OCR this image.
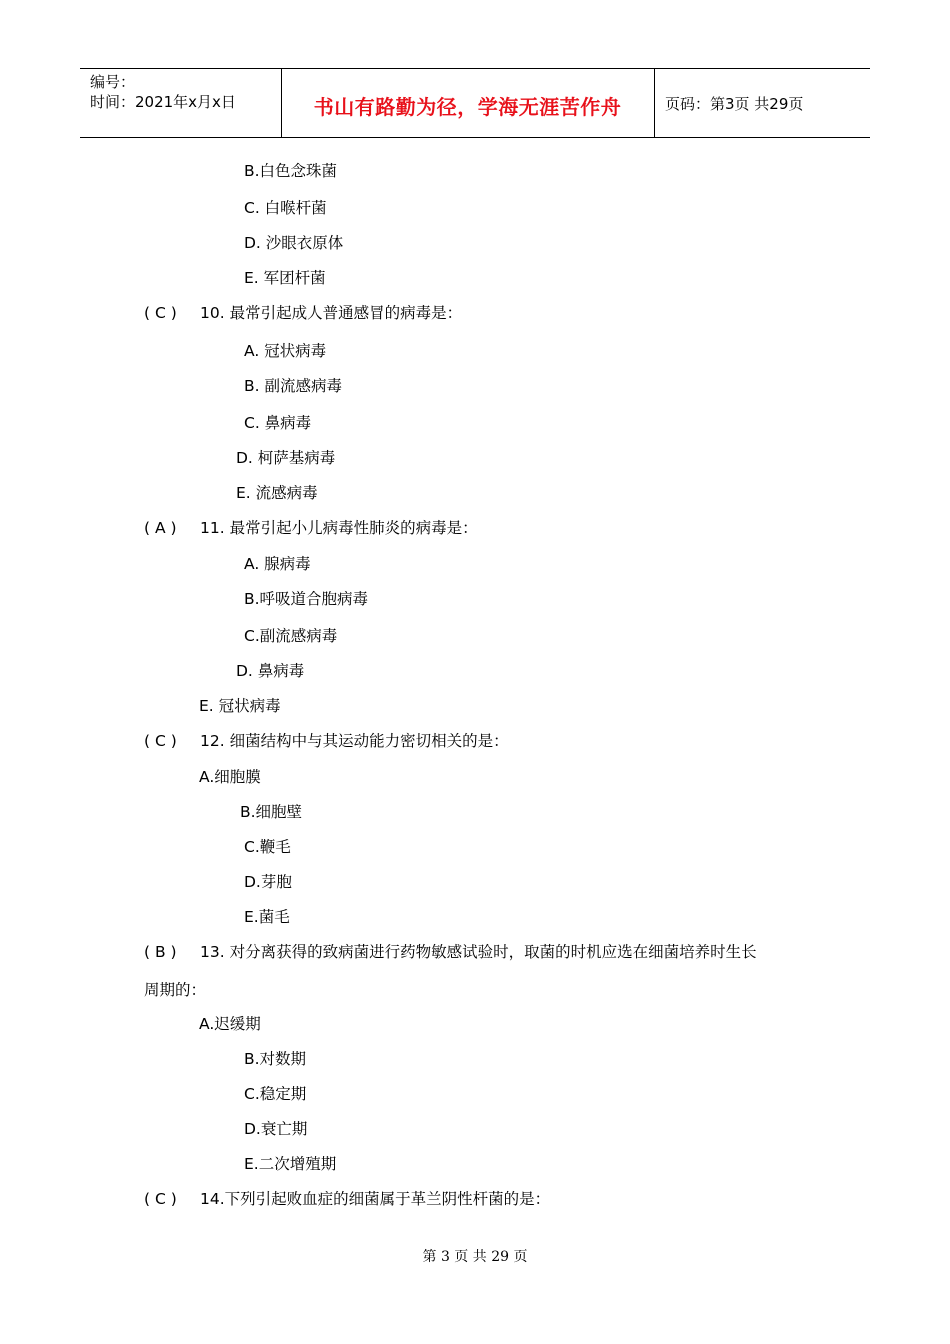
编号：
时间：2021年x月x日	书山有路勤为径，学海无涯苦作舟	页码：第3页 共29页
B.白色念珠菌
C. 白喉杆菌
D. 沙眼衣原体
E. 军团杆菌
( C ) 10. 最常引起成人普通感冒的病毒是：
A. 冠状病毒
B. 副流感病毒
C. 鼻病毒
D. 柯萨基病毒
E. 流感病毒
( A ) 11. 最常引起小儿病毒性肺炎的病毒是：
A. 腺病毒
B.呼吸道合胞病毒
C.副流感病毒
D. 鼻病毒
E. 冠状病毒
( C ) 12. 细菌结构中与其运动能力密切相关的是：
A.细胞膜
B.细胞壁
C.鞭毛
D.芽胞
E.菌毛
( B ) 13. 对分离获得的致病菌进行药物敏感试验时，取菌的时机应选在细菌培养时生长
周期的：
A.迟缓期
B.对数期
C.稳定期
D.衰亡期
E.二次增殖期
( C ) 14.下列引起败血症的细菌属于革兰阴性杆菌的是：
第 3 页 共 29 页
